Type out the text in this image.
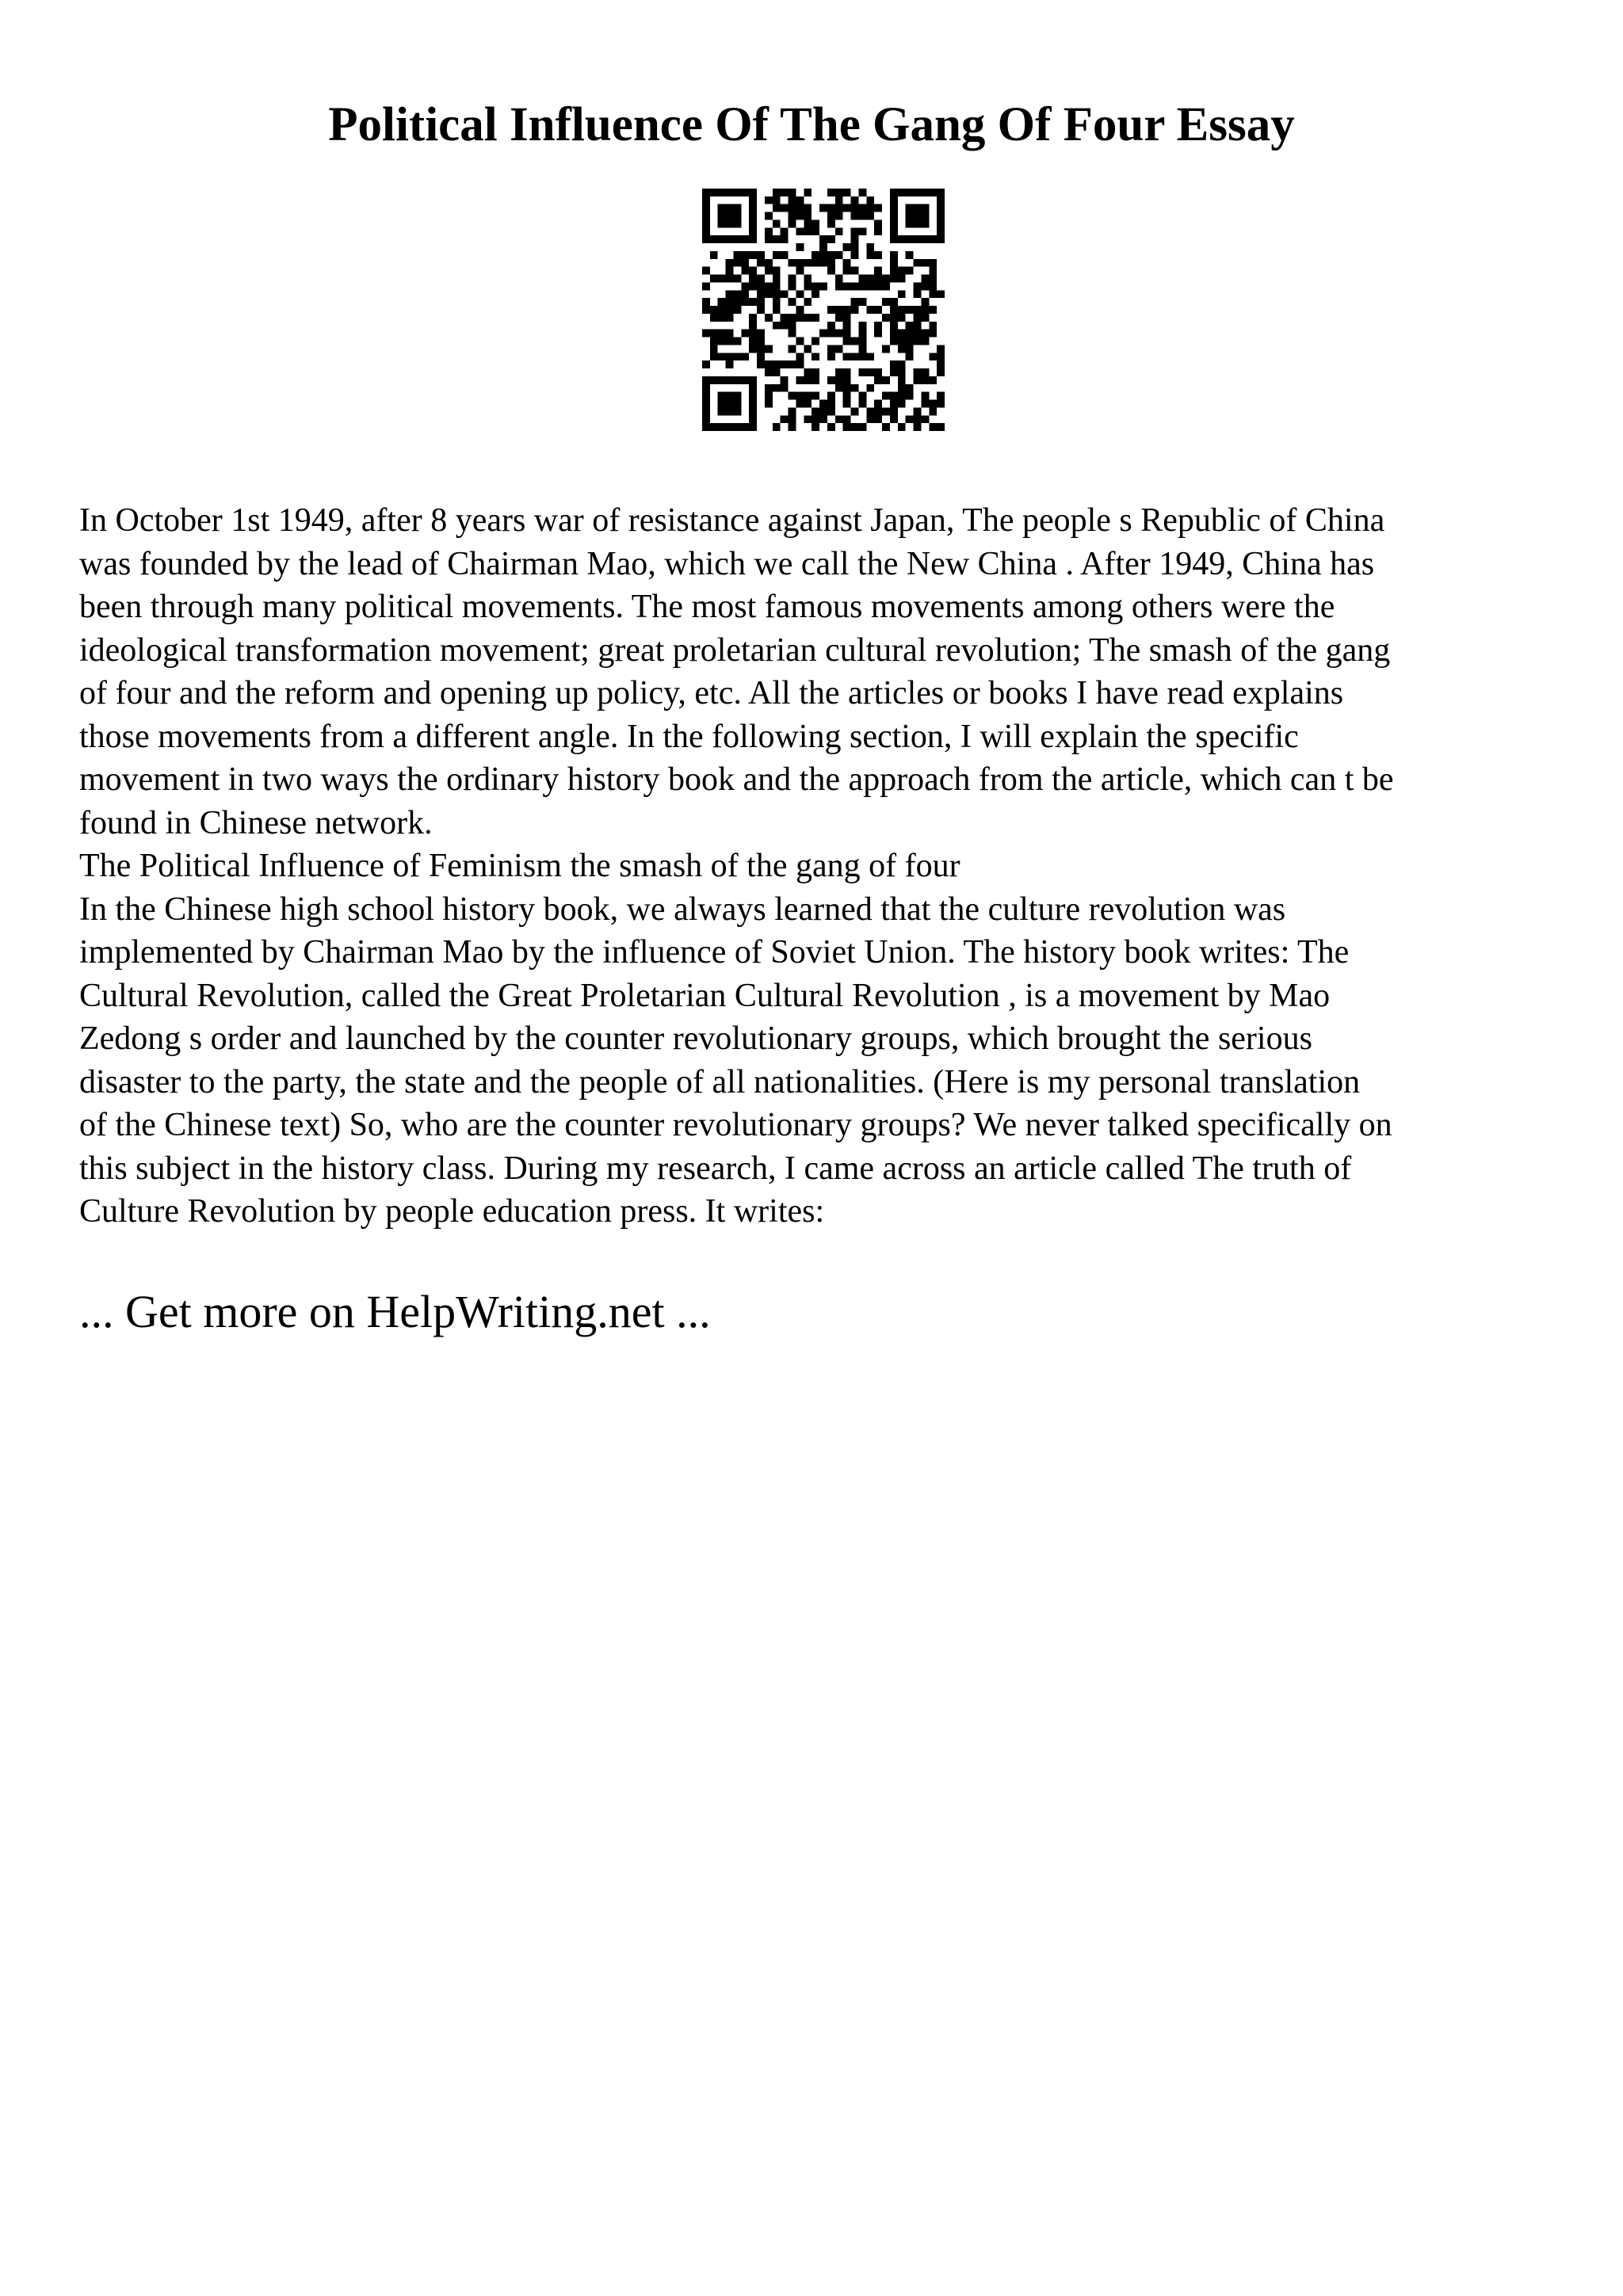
Political Influence Of The Gang Of Four Essay

In October 1st 1949, after 8 years war of resistance against Japan, The people s Republic of China

was founded by the lead of Chairman Mao, which we call the New China . After 1949, China has

been through many political movements. The most famous movements among others were the

ideological transformation movement; great proletarian cultural revolution; The smash of the gang

of four and the reform and opening up policy, etc. All the articles or books I have read explains

those movements from a different angle. In the following section, I will explain the specific

movement in two ways the ordinary history book and the approach from the article, which can t be

found in Chinese network.

The Political Influence of Feminism the smash of the gang of four

In the Chinese high school history book, we always learned that the culture revolution was

implemented by Chairman Mao by the influence of Soviet Union. The history book writes: The

Cultural Revolution, called the Great Proletarian Cultural Revolution , is a movement by Mao

Zedong s order and launched by the counter revolutionary groups, which brought the serious

disaster to the party, the state and the people of all nationalities. (Here is my personal translation

of the Chinese text) So, who are the counter revolutionary groups? We never talked specifically on

this subject in the history class. During my research, I came across an article called The truth of

Culture Revolution by people education press. It writes:

... Get more on HelpWriting.net ...
